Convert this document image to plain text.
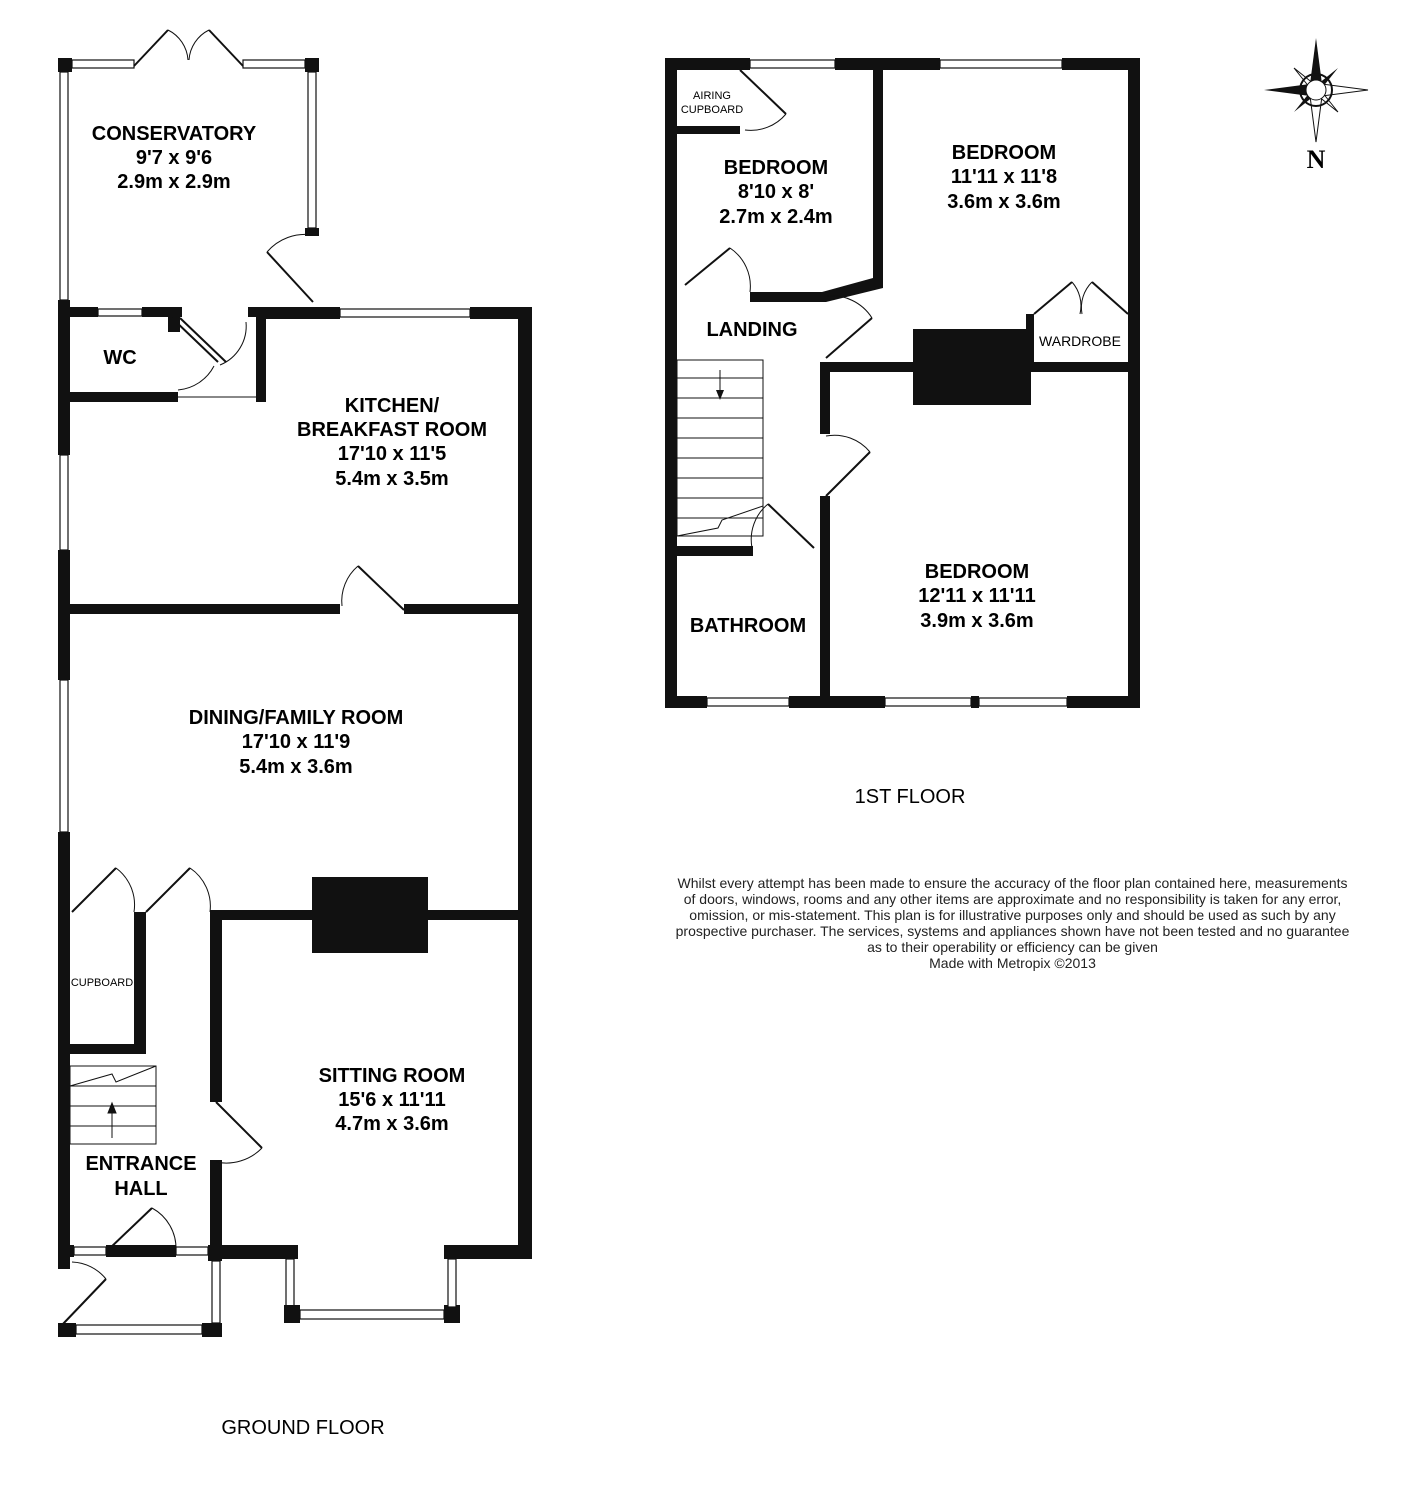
CONSERVATORY
9'7 x 9'6
2.9m x 2.9m
WC
KITCHEN/
BREAKFAST ROOM
17'10 x 11'5
5.4m x 3.5m
DINING/FAMILY ROOM
17'10 x 11'9
5.4m x 3.6m
CUPBOARD
SITTING ROOM
15'6 x 11'11
4.7m x 3.6m
ENTRANCE
HALL
GROUND FLOOR
AIRING
CUPBOARD
BEDROOM
8'10 x 8'
2.7m x 2.4m
BEDROOM
11'11 x 11'8
3.6m x 3.6m
WARDROBE
LANDING
BATHROOM
BEDROOM
12'11 x 11'11
3.9m x 3.6m
1ST FLOOR
N
Whilst every attempt has been made to ensure the accuracy of the floor plan contained here, measurements
of doors, windows, rooms and any other items are approximate and no responsibility is taken for any error,
omission, or mis-statement. This plan is for illustrative purposes only and should be used as such by any
prospective purchaser. The services, systems and appliances shown have not been tested and no guarantee
as to their operability or efficiency can be given
Made with Metropix ©2013
